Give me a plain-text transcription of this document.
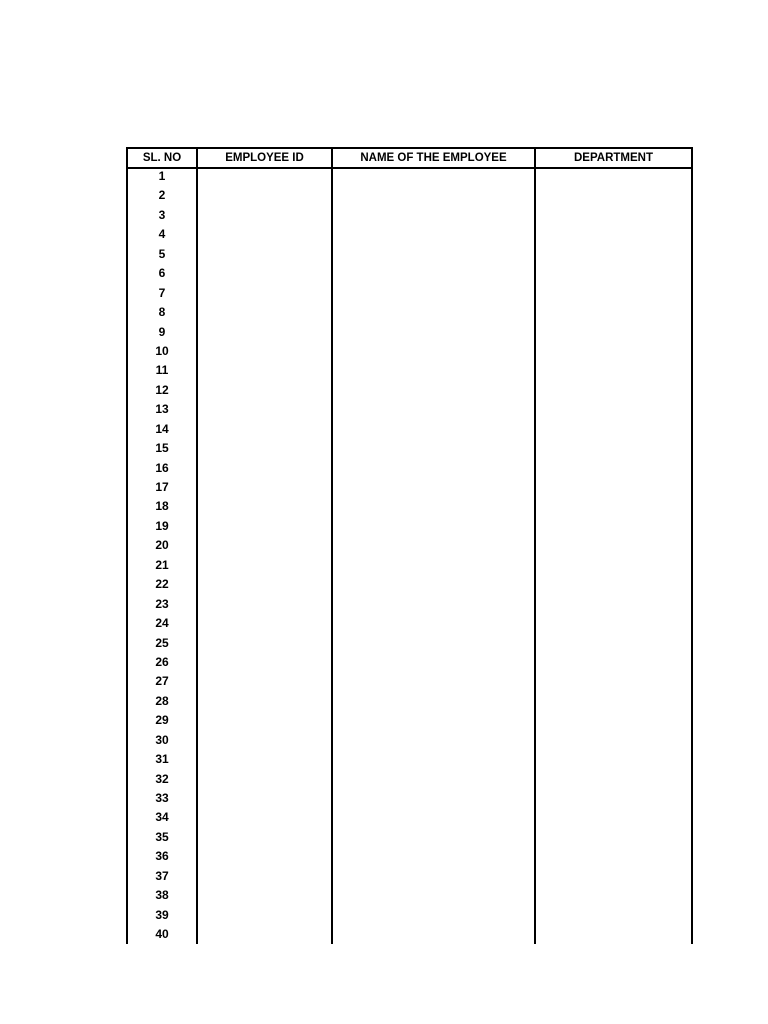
SL. NO	EMPLOYEE ID	NAME OF THE EMPLOYEE	DEPARTMENT
1
2
3
4
5
6
7
8
9
10
11
12
13
14
15
16
17
18
19
20
21
22
23
24
25
26
27
28
29
30
31
32
33
34
35
36
37
38
39
40
